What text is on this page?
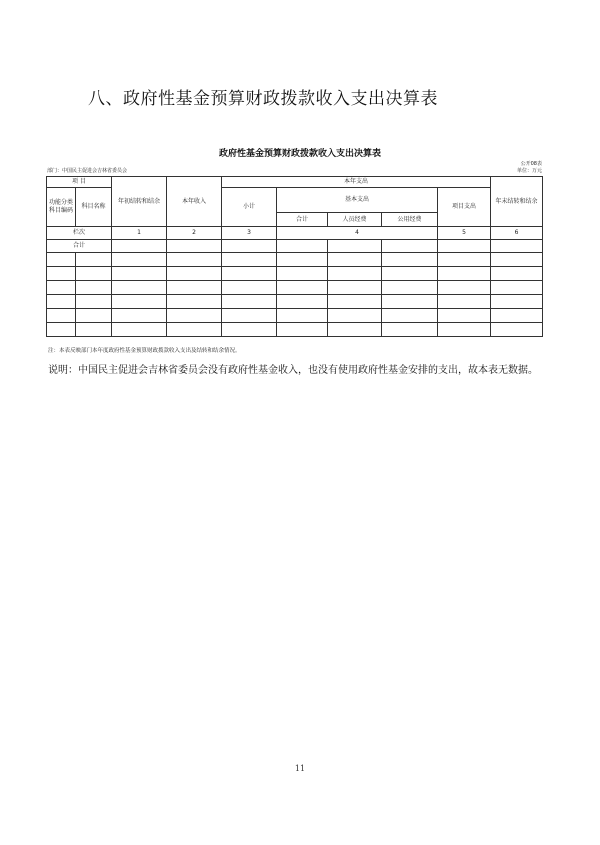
八、政府性基金预算财政拨款收入支出决算表
政府性基金预算财政拨款收入支出决算表
部门：中国民主促进会吉林省委员会
公开08表
单位：万元
项 目		年初结转和结余	本年收入	本年支出					年末结转和结余
功能分类科目编码	科目名称			小计	基本支出			项目支出	
					合计	人员经费	公用经费		
栏次		1	2	3	4			5	6
合计									

注：本表反映部门本年度政府性基金预算财政拨款收入支出及结转和结余情况。
说明：中国民主促进会吉林省委员会没有政府性基金收入，也没有使用政府性基金安排的支出，故本表无数据。
11
